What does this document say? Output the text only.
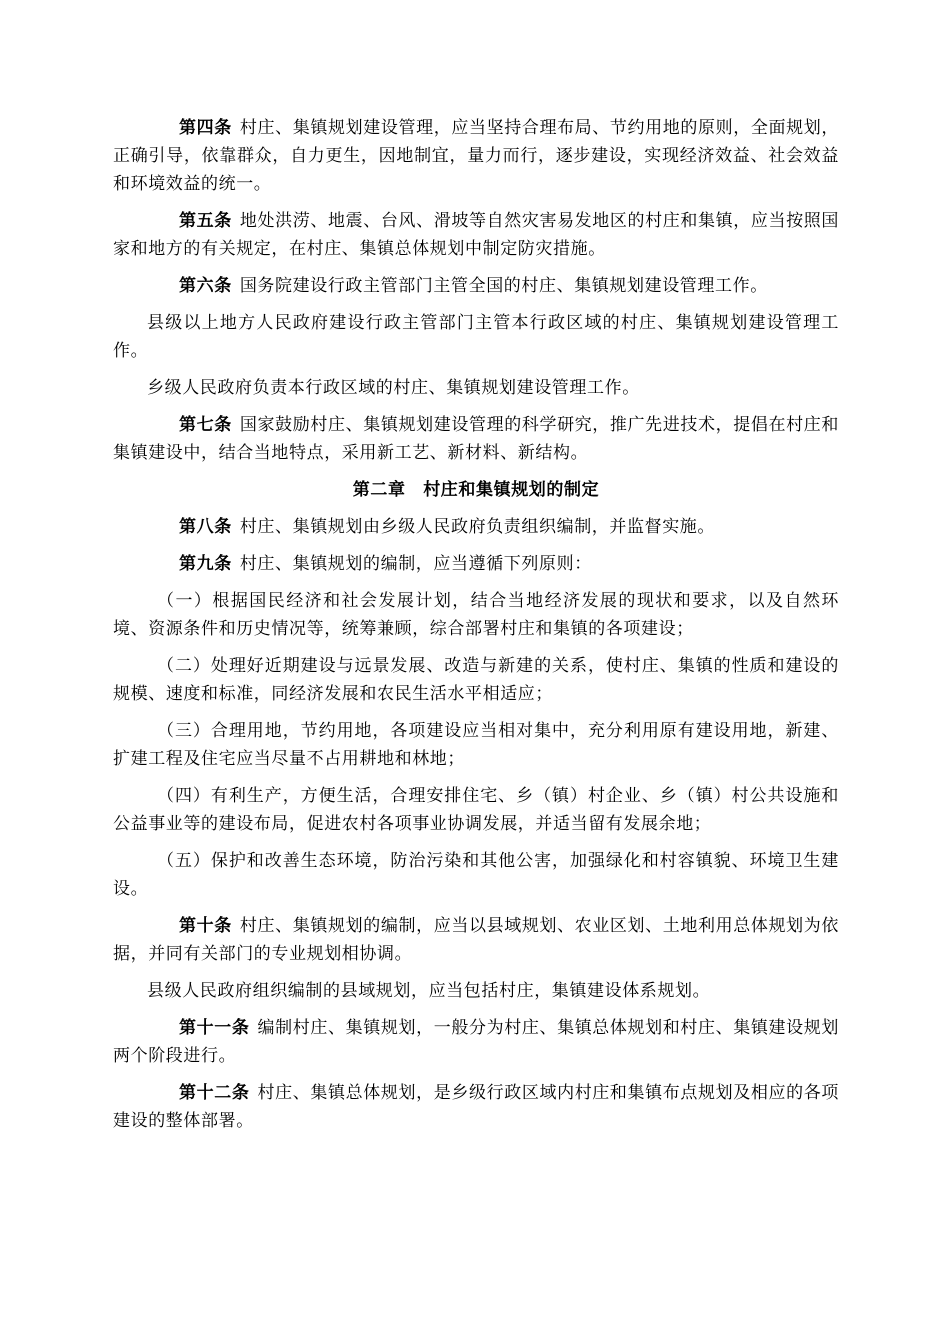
第四条 村庄、集镇规划建设管理，应当坚持合理布局、节约用地的原则，全面规划，正确引导，依靠群众，自力更生，因地制宜，量力而行，逐步建设，实现经济效益、社会效益和环境效益的统一。

第五条 地处洪涝、地震、台风、滑坡等自然灾害易发地区的村庄和集镇，应当按照国家和地方的有关规定，在村庄、集镇总体规划中制定防灾措施。

第六条 国务院建设行政主管部门主管全国的村庄、集镇规划建设管理工作。

县级以上地方人民政府建设行政主管部门主管本行政区域的村庄、集镇规划建设管理工作。

乡级人民政府负责本行政区域的村庄、集镇规划建设管理工作。

第七条 国家鼓励村庄、集镇规划建设管理的科学研究，推广先进技术，提倡在村庄和集镇建设中，结合当地特点，采用新工艺、新材料、新结构。

第二章　村庄和集镇规划的制定

第八条 村庄、集镇规划由乡级人民政府负责组织编制，并监督实施。

第九条 村庄、集镇规划的编制，应当遵循下列原则：

（一）根据国民经济和社会发展计划，结合当地经济发展的现状和要求，以及自然环境、资源条件和历史情况等，统筹兼顾，综合部署村庄和集镇的各项建设；

（二）处理好近期建设与远景发展、改造与新建的关系，使村庄、集镇的性质和建设的规模、速度和标准，同经济发展和农民生活水平相适应；

（三）合理用地，节约用地，各项建设应当相对集中，充分利用原有建设用地，新建、扩建工程及住宅应当尽量不占用耕地和林地；

（四）有利生产，方便生活，合理安排住宅、乡（镇）村企业、乡（镇）村公共设施和公益事业等的建设布局，促进农村各项事业协调发展，并适当留有发展余地；

（五）保护和改善生态环境，防治污染和其他公害，加强绿化和村容镇貌、环境卫生建设。

第十条 村庄、集镇规划的编制，应当以县域规划、农业区划、土地利用总体规划为依据，并同有关部门的专业规划相协调。

县级人民政府组织编制的县域规划，应当包括村庄，集镇建设体系规划。

第十一条 编制村庄、集镇规划，一般分为村庄、集镇总体规划和村庄、集镇建设规划两个阶段进行。

第十二条 村庄、集镇总体规划，是乡级行政区域内村庄和集镇布点规划及相应的各项建设的整体部署。
